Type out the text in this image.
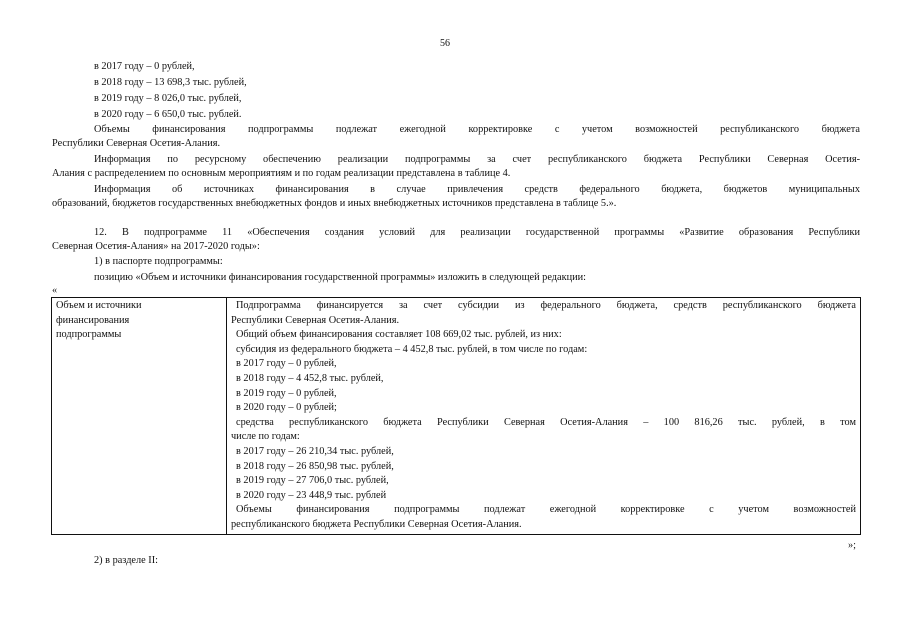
56
в 2017 году – 0 рублей,
в 2018 году – 13 698,3 тыс. рублей,
в 2019 году – 8 026,0 тыс. рублей,
в 2020 году – 6 650,0 тыс. рублей.
Объемы финансирования подпрограммы подлежат ежегодной корректировке с учетом возможностей республиканского бюджета
Республики Северная Осетия-Алания.
Информация по ресурсному обеспечению реализации подпрограммы за счет республиканского бюджета Республики Северная Осетия-
Алания с распределением по основным мероприятиям и по годам реализации представлена в таблице 4.
Информация об источниках финансирования в случае привлечения средств федерального бюджета, бюджетов муниципальных
образований, бюджетов государственных внебюджетных фондов и иных внебюджетных источников представлена в таблице 5.».
12. В подпрограмме 11 «Обеспечения создания условий для реализации государственной программы «Развитие образования Республики
Северная Осетия-Алания» на 2017-2020 годы»:
1) в паспорте подпрограммы:
позицию «Объем и источники финансирования государственной программы» изложить в следующей редакции:
«
Объем и источники
финансирования
подпрограммы

Подпрограмма финансируется за счет субсидии из федерального бюджета, средств республиканского бюджета
Республики Северная Осетия-Алания.
Общий объем финансирования составляет 108 669,02 тыс. рублей, из них:
субсидия из федерального бюджета – 4 452,8 тыс. рублей, в том числе по годам:
в 2017 году – 0 рублей,
в 2018 году – 4 452,8 тыс. рублей,
в 2019 году – 0 рублей,
в 2020 году – 0 рублей;
средства республиканского бюджета Республики Северная Осетия-Алания – 100 816,26 тыс. рублей, в том
числе по годам:
в 2017 году – 26 210,34 тыс. рублей,
в 2018 году – 26 850,98 тыс. рублей,
в 2019 году – 27 706,0 тыс. рублей,
в 2020 году – 23 448,9 тыс. рублей
Объемы финансирования подпрограммы подлежат ежегодной корректировке с учетом возможностей
республиканского бюджета Республики Северная Осетия-Алания.
»;
2) в разделе II:
